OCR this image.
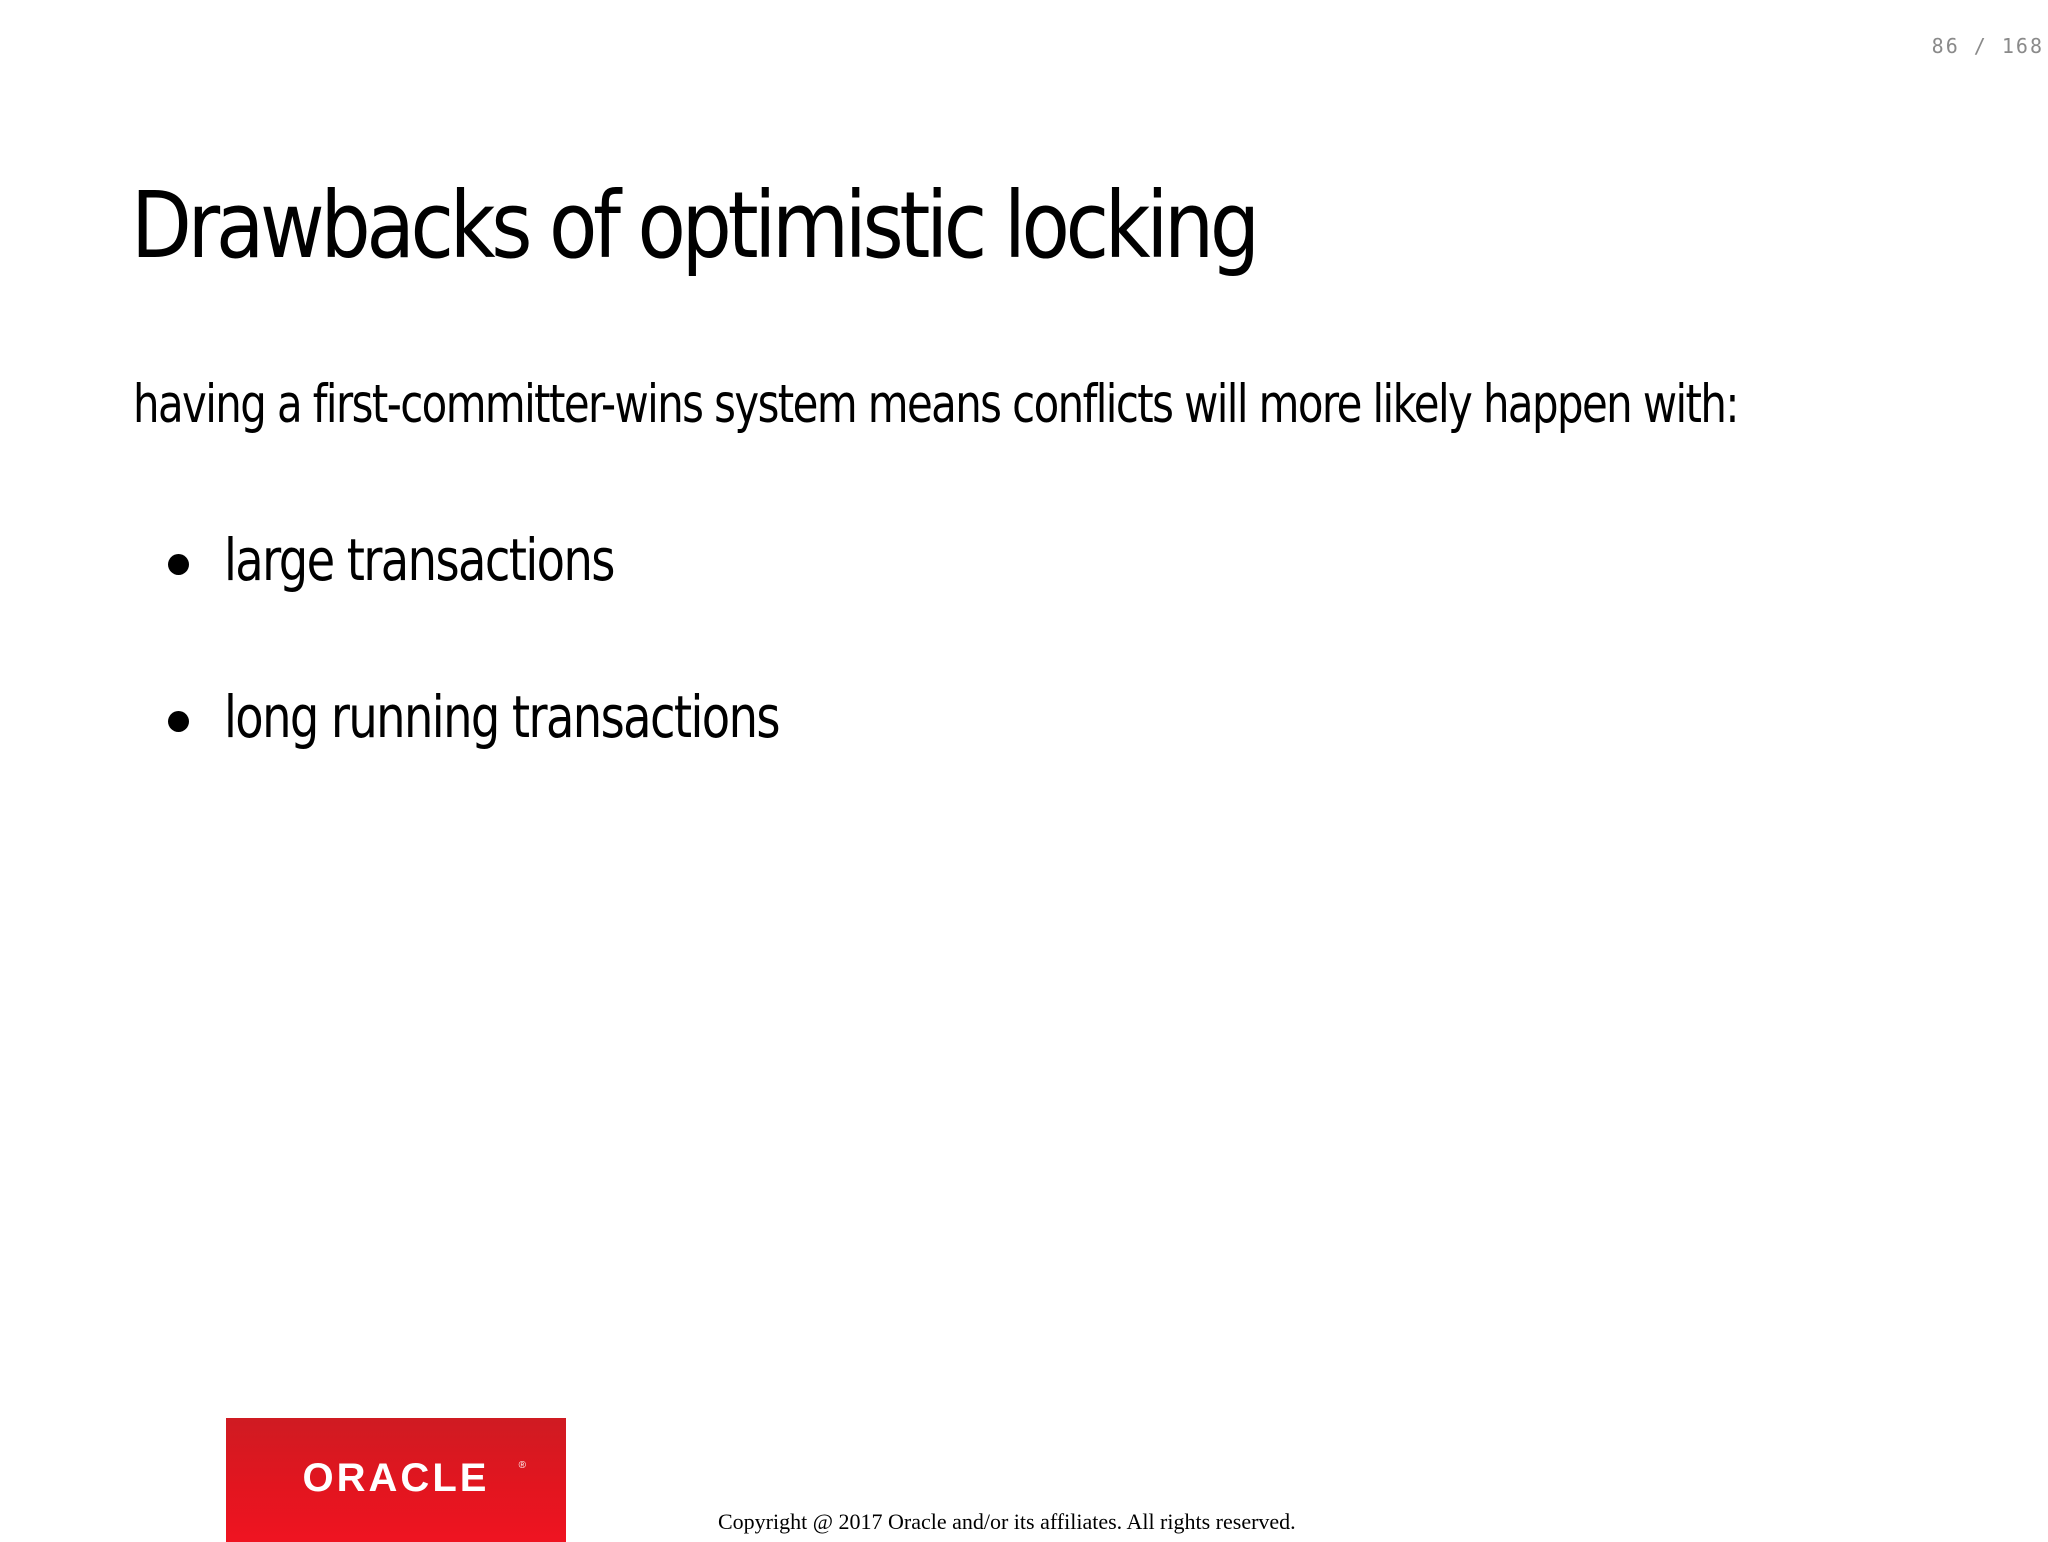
86 / 168
Drawbacks of optimistic locking

having a first-committer-wins system means conflicts will more likely happen with:

large transactions
long running transactions
ORACLE	®
Copyright @ 2017 Oracle and/or its affiliates. All rights reserved.
